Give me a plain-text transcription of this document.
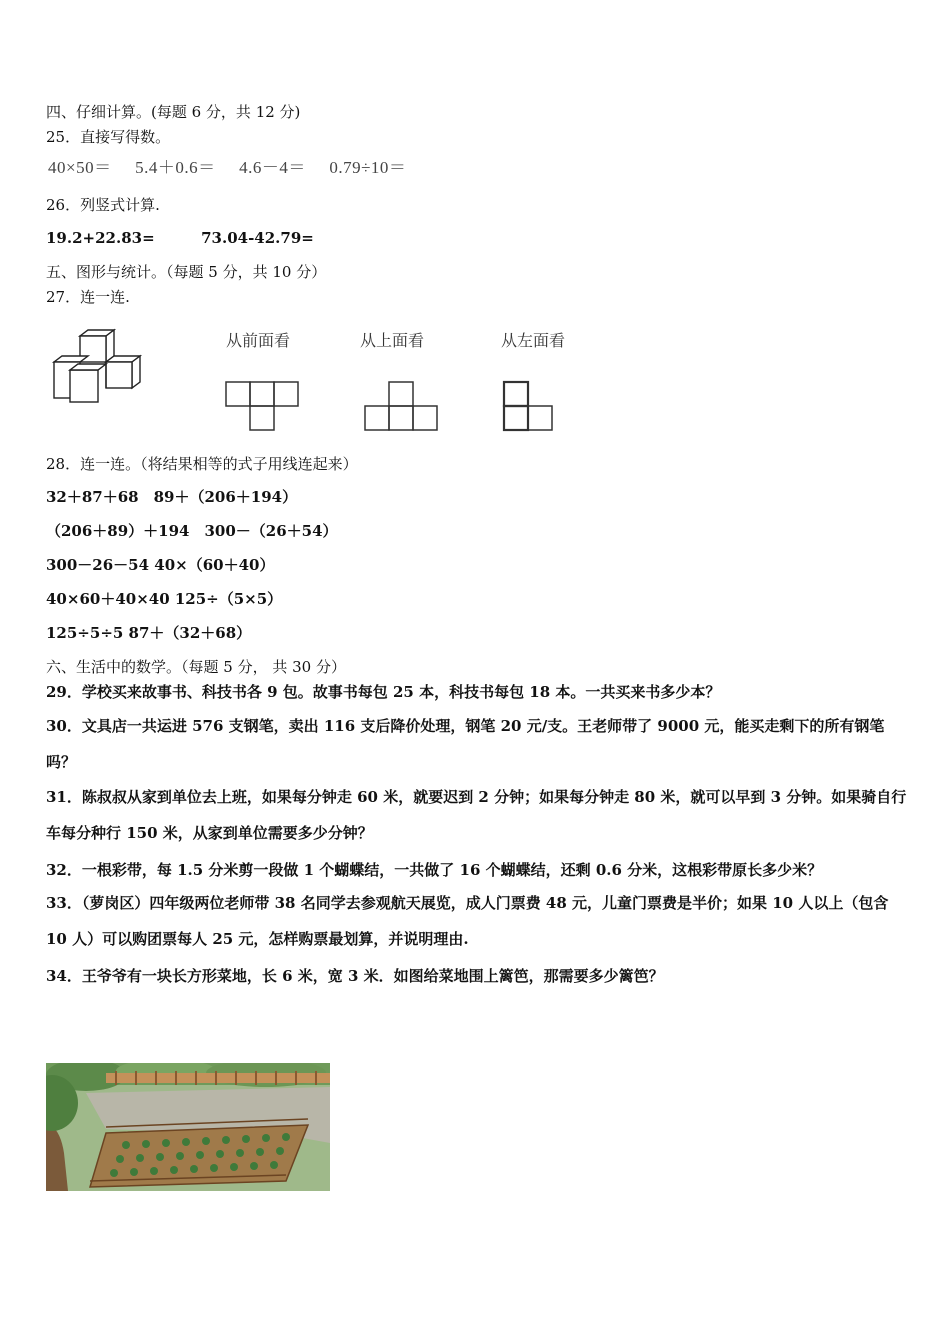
四、仔细计算。(每题 6 分，共 12 分)
25．直接写得数。
40×50＝ 5.4＋0.6＝ 4.6－4＝ 0.79÷10＝
26．列竖式计算.
19.2+22.83=	73.04-42.79=
五、图形与统计。（每题 5 分，共 10 分）
27．连一连.
从前面看	从上面看	从左面看
28．连一连。（将结果相等的式子用线连起来）
32＋87＋68　89＋（206＋194）
（206＋89）＋194　300－（26＋54）
300－26－54 40×（60＋40）
40×60＋40×40 125÷（5×5）
125÷5÷5 87＋（32＋68）
六、生活中的数学。（每题 5 分， 共 30 分）
29．学校买来故事书、科技书各 9 包。故事书每包 25 本，科技书每包 18 本。一共买来书多少本？
30．文具店一共运进 576 支钢笔，卖出 116 支后降价处理，钢笔 20 元/支。王老师带了 9000 元，能买走剩下的所有钢笔吗？
31．陈叔叔从家到单位去上班，如果每分钟走 60 米，就要迟到 2 分钟；如果每分钟走 80 米，就可以早到 3 分钟。如果骑自行车每分种行 150 米，从家到单位需要多少分钟？
32．一根彩带，每 1.5 分米剪一段做 1 个蝴蝶结，一共做了 16 个蝴蝶结，还剩 0.6 分米，这根彩带原长多少米？
33．（萝岗区）四年级两位老师带 38 名同学去参观航天展览，成人门票费 48 元，儿童门票费是半价；如果 10 人以上（包含 10 人）可以购团票每人 25 元，怎样购票最划算，并说明理由.
34．王爷爷有一块长方形菜地，长 6 米，宽 3 米．如图给菜地围上篱笆，那需要多少篱笆？
